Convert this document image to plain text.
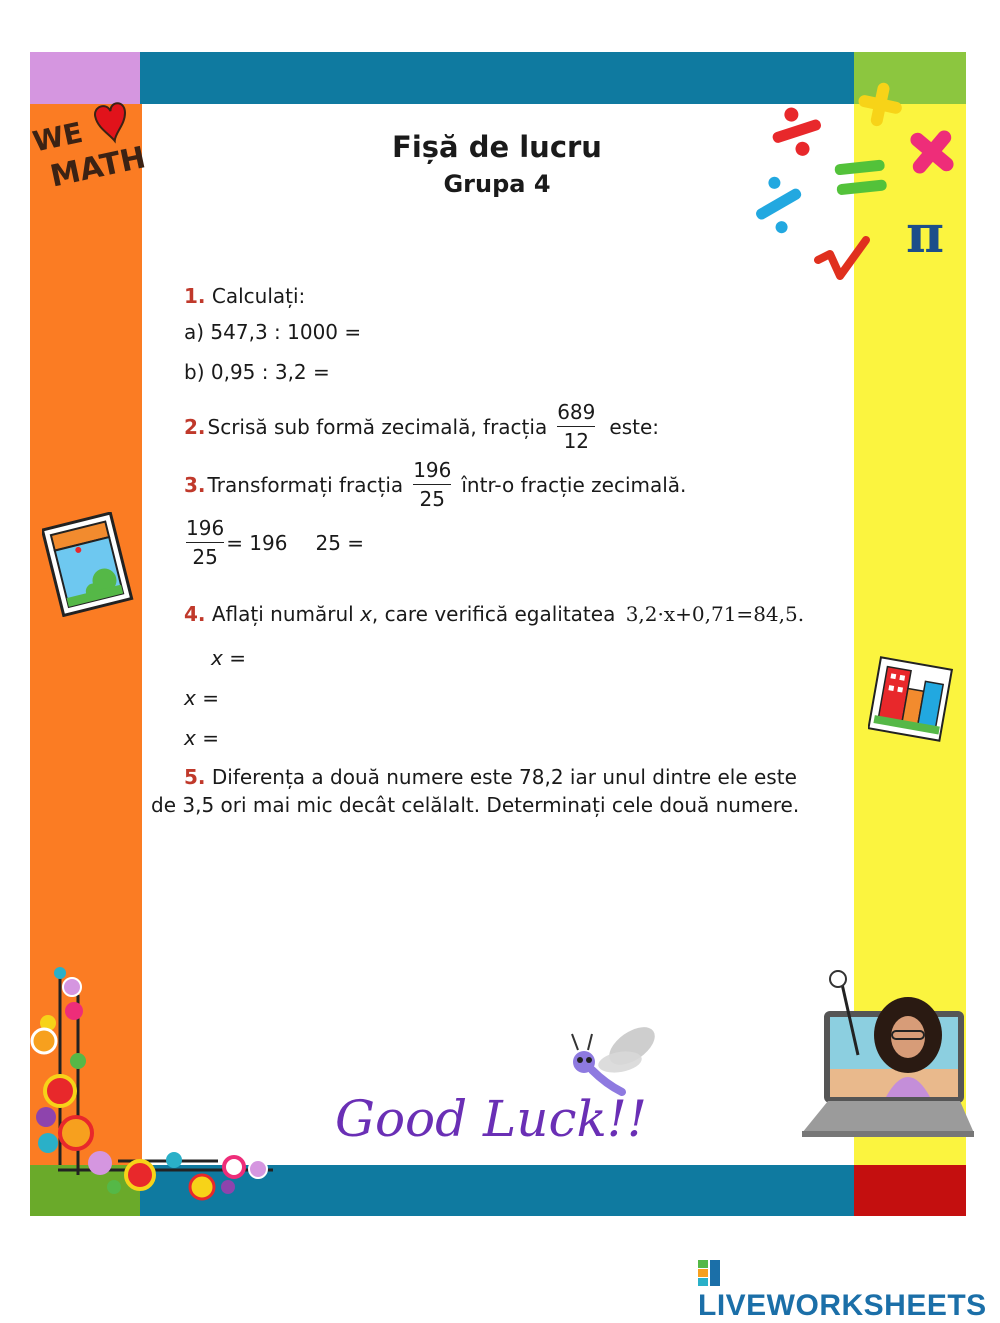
WE
MATH
π
Fișă de lucru
Grupa 4
1. Calculați:
a) 547,3 : 1000 =
b) 0,95 : 3,2 =
2. Scrisă sub formă zecimală, fracția $\frac{689}{12}$ este:
3. Transformați fracția $\frac{196}{25}$ într-o fracție zecimală.
$\frac{196}{25} = 196$ 25 =
4. Aflați numărul x, care verifică egalitatea 3,2·x+0,71=84,5.
x =
x =
x =
5. Diferența a două numere este 78,2 iar unul dintre ele este
de 3,5 ori mai mic decât celălalt. Determinați cele două numere.
Good Luck!!
LIVEWORKSHEETS
